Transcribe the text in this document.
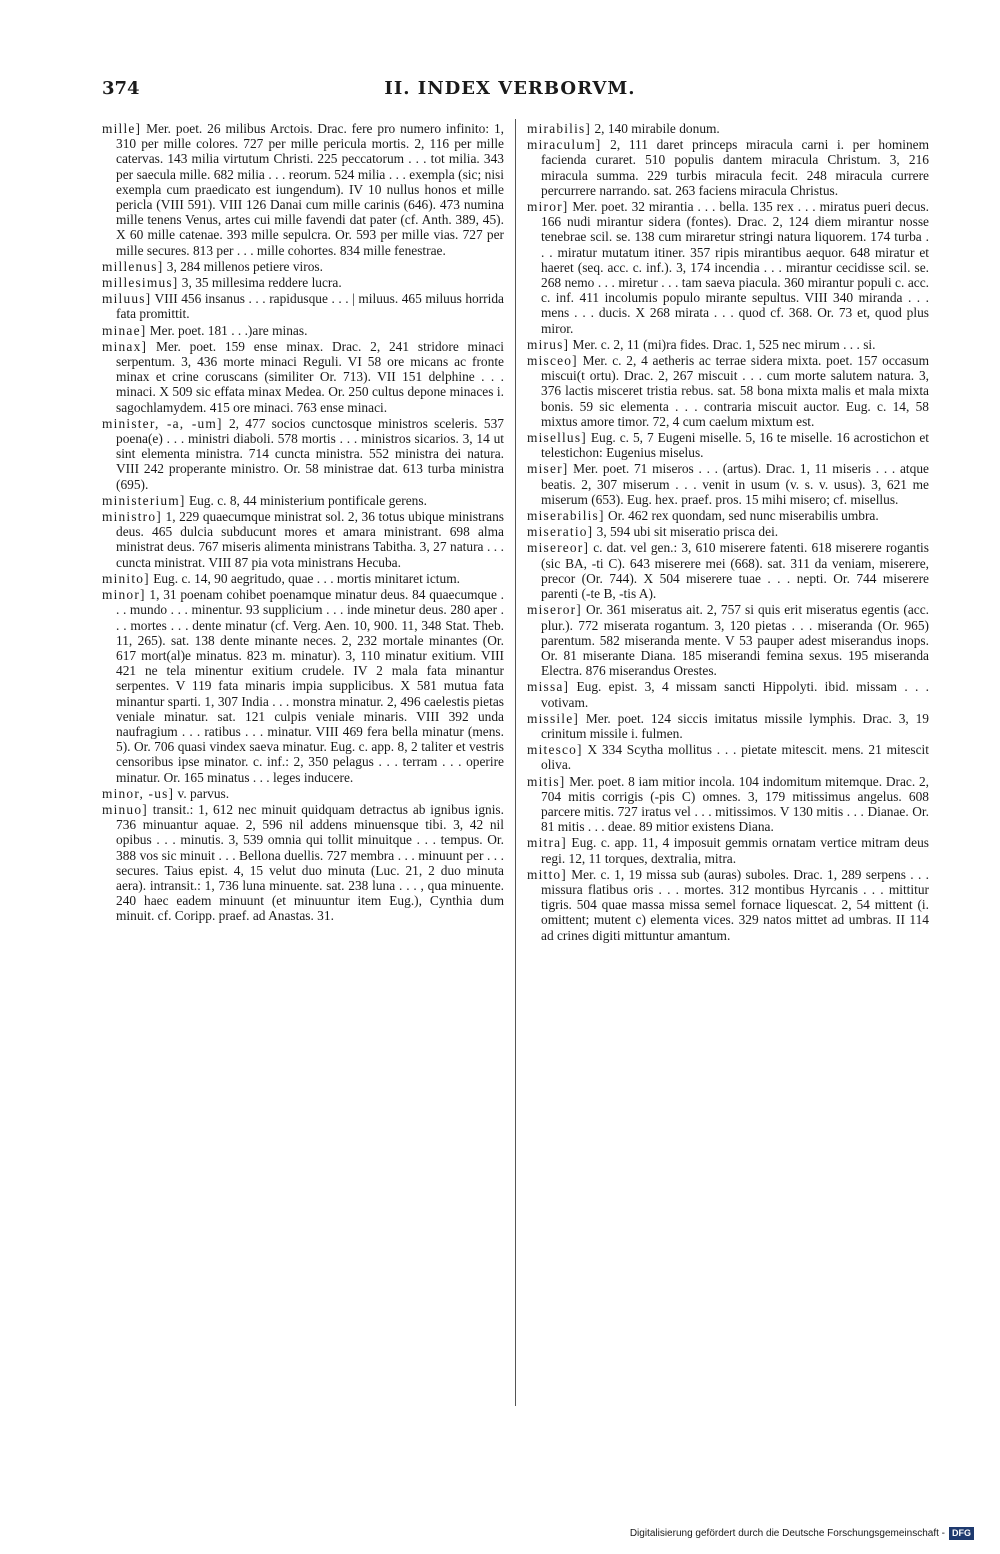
374	II. INDEX VERBORVM.

mille] Mer. poet. 26 milibus Arctois. Drac. fere pro numero infinito: 1, 310 per mille colores. 727 per mille pericula mortis. 2, 116 per mille catervas. 143 milia virtutum Christi. 225 peccatorum . . . tot milia. 343 per saecula mille. 682 milia . . . reorum. 524 milia . . . exempla (sic; nisi exempla cum praedicato est iungendum). IV 10 nullus honos et mille pericla (VIII 591). VIII 126 Danai cum mille carinis (646). 473 numina mille tenens Venus, artes cui mille favendi dat pater (cf. Anth. 389, 45). X 60 mille catenae. 393 mille sepulcra. Or. 593 per mille vias. 727 per mille secures. 813 per . . . mille cohortes. 834 mille fenestrae.

millenus] 3, 284 millenos petiere viros.

millesimus] 3, 35 millesima reddere lucra.

miluus] VIII 456 insanus . . . rapidusque . . . | miluus. 465 miluus horrida fata promittit.

minae] Mer. poet. 181 . . .)are minas.

minax] Mer. poet. 159 ense minax. Drac. 2, 241 stridore minaci serpentum. 3, 436 morte minaci Reguli. VI 58 ore micans ac fronte minax et crine coruscans (similiter Or. 713). VII 151 delphine . . . minaci. X 509 sic effata minax Medea. Or. 250 cultus depone minaces i. sagochlamydem. 415 ore minaci. 763 ense minaci.

minister, -a, -um] 2, 477 socios cunctosque ministros sceleris. 537 poena(e) . . . ministri diaboli. 578 mortis . . . ministros sicarios. 3, 14 ut sint elementa ministra. 714 cuncta ministra. 552 ministra dei natura. VIII 242 properante ministro. Or. 58 ministrae dat. 613 turba ministra (695).

ministerium] Eug. c. 8, 44 ministerium pontificale gerens.

ministro] 1, 229 quaecumque ministrat sol. 2, 36 totus ubique ministrans deus. 465 dulcia subducunt mores et amara ministrant. 698 alma ministrat deus. 767 miseris alimenta ministrans Tabitha. 3, 27 natura . . . cuncta ministrat. VIII 87 pia vota ministrans Hecuba.

minito] Eug. c. 14, 90 aegritudo, quae . . . mortis minitaret ictum.

minor] 1, 31 poenam cohibet poenamque minatur deus. 84 quaecumque . . . mundo . . . minentur. 93 supplicium . . . inde minetur deus. 280 aper . . . mortes . . . dente minatur (cf. Verg. Aen. 10, 900. 11, 348 Stat. Theb. 11, 265). sat. 138 dente minante neces. 2, 232 mortale minantes (Or. 617 mort(al)e minatus. 823 m. minatur). 3, 110 minatur exitium. VIII 421 ne tela minentur exitium crudele. IV 2 mala fata minantur serpentes. V 119 fata minaris impia supplicibus. X 581 mutua fata minantur sparti. 1, 307 India . . . monstra minatur. 2, 496 caelestis pietas veniale minatur. sat. 121 culpis veniale minaris. VIII 392 unda naufragium . . . ratibus . . . minatur. VIII 469 fera bella minatur (mens. 5). Or. 706 quasi vindex saeva minatur. Eug. c. app. 8, 2 taliter et vestris censoribus ipse minator. c. inf.: 2, 350 pelagus . . . terram . . . operire minatur. Or. 165 minatus . . . leges inducere.

minor, -us] v. parvus.

minuo] transit.: 1, 612 nec minuit quidquam detractus ab ignibus ignis. 736 minuantur aquae. 2, 596 nil addens minuensque tibi. 3, 42 nil opibus . . . minutis. 3, 539 omnia qui tollit minuitque . . . tempus. Or. 388 vos sic minuit . . . Bellona duellis. 727 membra . . . minuunt per . . . secures. Taius epist. 4, 15 velut duo minuta (Luc. 21, 2 duo minuta aera). intransit.: 1, 736 luna minuente. sat. 238 luna . . . , qua minuente. 240 haec eadem minuunt (et minuuntur item Eug.), Cynthia dum minuit. cf. Coripp. praef. ad Anastas. 31.

mirabilis] 2, 140 mirabile donum.

miraculum] 2, 111 daret princeps miracula carni i. per hominem facienda curaret. 510 populis dantem miracula Christum. 3, 216 miracula summa. 229 turbis miracula fecit. 248 miracula currere percurrere narrando. sat. 263 faciens miracula Christus.

miror] Mer. poet. 32 mirantia . . . bella. 135 rex . . . miratus pueri decus. 166 nudi mirantur sidera (fontes). Drac. 2, 124 diem mirantur nosse tenebrae scil. se. 138 cum miraretur stringi natura liquorem. 174 turba . . . miratur mutatum itiner. 357 ripis mirantibus aequor. 648 miratur et haeret (seq. acc. c. inf.). 3, 174 incendia . . . mirantur cecidisse scil. se. 268 nemo . . . miretur . . . tam saeva piacula. 360 mirantur populi c. acc. c. inf. 411 incolumis populo mirante sepultus. VIII 340 miranda . . . mens . . . ducis. X 268 mirata . . . quod cf. 368. Or. 73 et, quod plus miror.

mirus] Mer. c. 2, 11 (mi)ra fides. Drac. 1, 525 nec mirum . . . si.

misceo] Mer. c. 2, 4 aetheris ac terrae sidera mixta. poet. 157 occasum miscui(t ortu). Drac. 2, 267 miscuit . . . cum morte salutem natura. 3, 376 lactis misceret tristia rebus. sat. 58 bona mixta malis et mala mixta bonis. 59 sic elementa . . . contraria miscuit auctor. Eug. c. 14, 58 mixtus amore timor. 72, 4 cum caelum mixtum est.

misellus] Eug. c. 5, 7 Eugeni miselle. 5, 16 te miselle. 16 acrostichon et telestichon: Eugenius miselus.

miser] Mer. poet. 71 miseros . . . (artus). Drac. 1, 11 miseris . . . atque beatis. 2, 307 miserum . . . venit in usum (v. s. v. usus). 3, 621 me miserum (653). Eug. hex. praef. pros. 15 mihi misero; cf. misellus.

miserabilis] Or. 462 rex quondam, sed nunc miserabilis umbra.

miseratio] 3, 594 ubi sit miseratio prisca dei.

misereor] c. dat. vel gen.: 3, 610 miserere fatenti. 618 miserere rogantis (sic BA, -ti C). 643 miserere mei (668). sat. 311 da veniam, miserere, precor (Or. 744). X 504 miserere tuae . . . nepti. Or. 744 miserere parenti (-te B, -tis A).

miseror] Or. 361 miseratus ait. 2, 757 si quis erit miseratus egentis (acc. plur.). 772 miserata rogantum. 3, 120 pietas . . . miseranda (Or. 965) parentum. 582 miseranda mente. V 53 pauper adest miserandus inops. Or. 81 miserante Diana. 185 miserandi femina sexus. 195 miseranda Electra. 876 miserandus Orestes.

missa] Eug. epist. 3, 4 missam sancti Hippolyti. ibid. missam . . . votivam.

missile] Mer. poet. 124 siccis imitatus missile lymphis. Drac. 3, 19 crinitum missile i. fulmen.

mitesco] X 334 Scytha mollitus . . . pietate mitescit. mens. 21 mitescit oliva.

mitis] Mer. poet. 8 iam mitior incola. 104 indomitum mitemque. Drac. 2, 704 mitis corrigis (-pis C) omnes. 3, 179 mitissimus angelus. 608 parcere mitis. 727 iratus vel . . . mitissimos. V 130 mitis . . . Dianae. Or. 81 mitis . . . deae. 89 mitior existens Diana.

mitra] Eug. c. app. 11, 4 imposuit gemmis ornatam vertice mitram deus regi. 12, 11 torques, dextralia, mitra.

mitto] Mer. c. 1, 19 missa sub (auras) suboles. Drac. 1, 289 serpens . . . missura flatibus oris . . . mortes. 312 montibus Hyrcanis . . . mittitur tigris. 504 quae massa missa semel fornace liquescat. 2, 54 mittent (i. omittent; mutent c) elementa vices. 329 natos mittet ad umbras. II 114 ad crines digiti mittuntur amantum.

Digitalisierung gefördert durch die Deutsche Forschungsgemeinschaft - DFG
